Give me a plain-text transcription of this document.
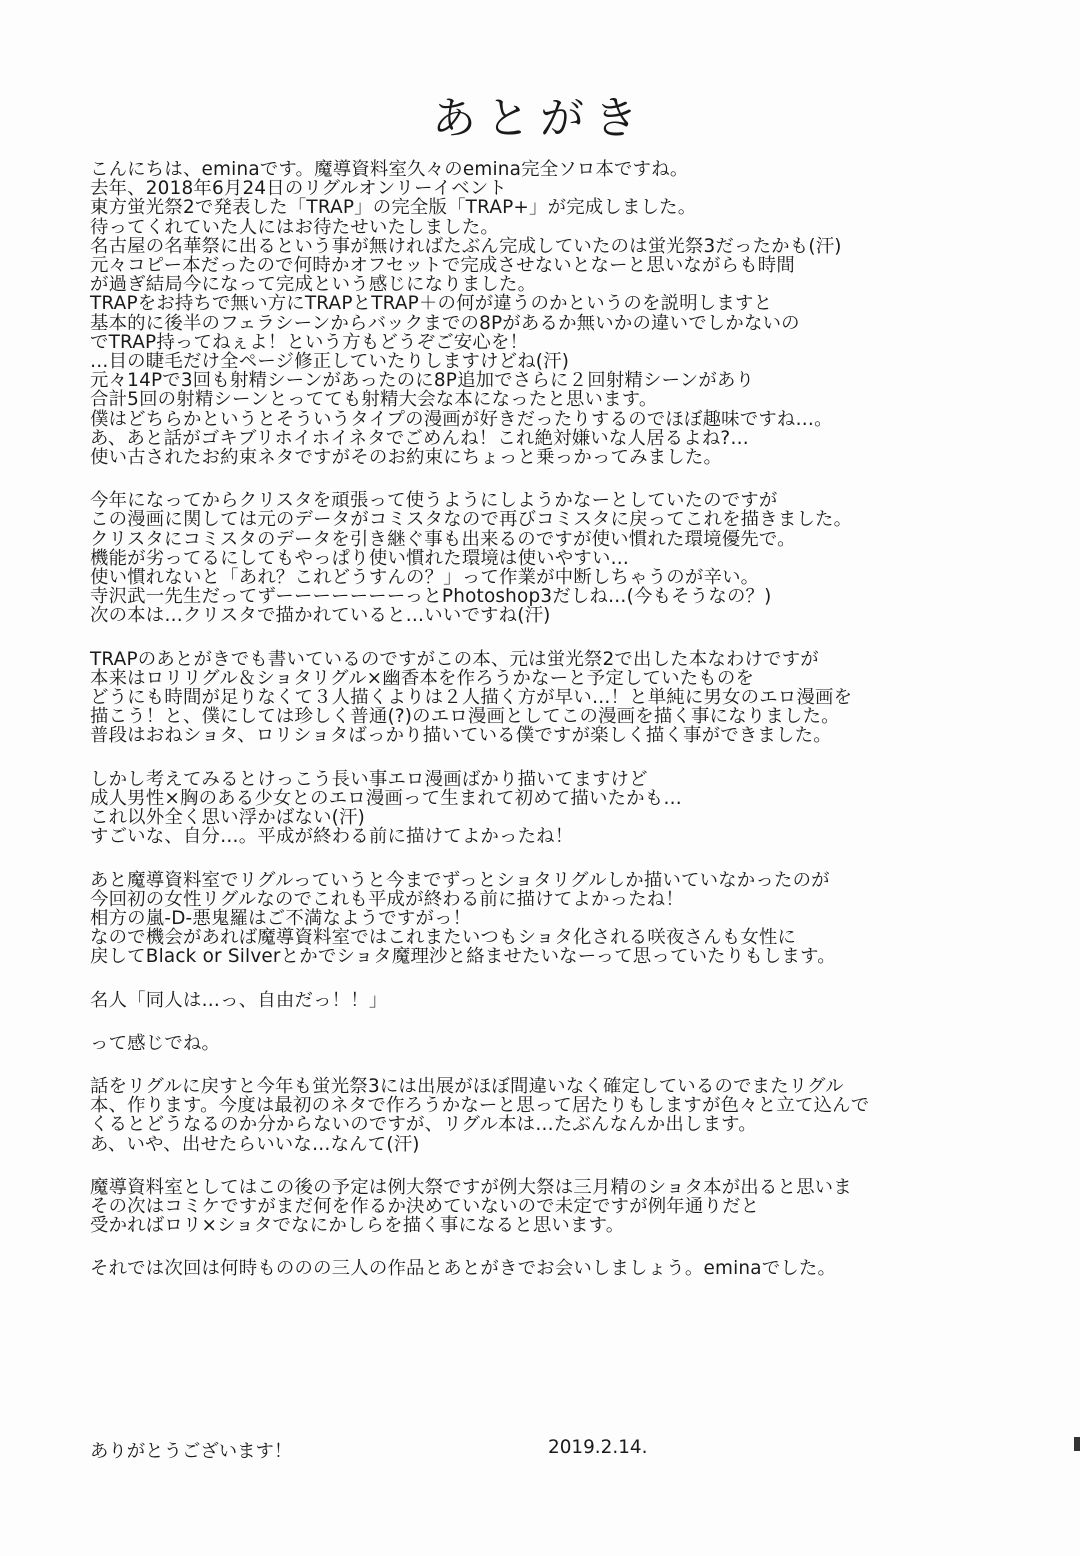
あとがき
こんにちは、eminaです。魔導資料室久々のemina完全ソロ本ですね。
去年、2018年6月24日のリグルオンリーイベント
東方蛍光祭2で発表した「TRAP」の完全版「TRAP+」が完成しました。
待ってくれていた人にはお待たせいたしました。
名古屋の名華祭に出るという事が無ければたぶん完成していたのは蛍光祭3だったかも(汗)
元々コピー本だったので何時かオフセットで完成させないとなーと思いながらも時間
が過ぎ結局今になって完成という感じになりました。
TRAPをお持ちで無い方にTRAPとTRAP＋の何が違うのかというのを説明しますと
基本的に後半のフェラシーンからバックまでの8Pがあるか無いかの違いでしかないの
でTRAP持ってねぇよ！という方もどうぞご安心を！
…目の睫毛だけ全ページ修正していたりしますけどね(汗)
元々14Pで3回も射精シーンがあったのに8P追加でさらに２回射精シーンがあり
合計5回の射精シーンとってても射精大会な本になったと思います。
僕はどちらかというとそういうタイプの漫画が好きだったりするのでほぼ趣味ですね…。
あ、あと話がゴキブリホイホイネタでごめんね！これ絶対嫌いな人居るよね?…
使い古されたお約束ネタですがそのお約束にちょっと乗っかってみました。
今年になってからクリスタを頑張って使うようにしようかなーとしていたのですが
この漫画に関しては元のデータがコミスタなので再びコミスタに戻ってこれを描きました。
クリスタにコミスタのデータを引き継ぐ事も出来るのですが使い慣れた環境優先で。
機能が劣ってるにしてもやっぱり使い慣れた環境は使いやすい…
使い慣れないと「あれ？これどうすんの？」って作業が中断しちゃうのが辛い。
寺沢武一先生だってずーーーーーーーっとPhotoshop3だしね…(今もそうなの？)
次の本は…クリスタで描かれていると…いいですね(汗)
TRAPのあとがきでも書いているのですがこの本、元は蛍光祭2で出した本なわけですが
本来はロリリグル＆ショタリグル×幽香本を作ろうかなーと予定していたものを
どうにも時間が足りなくて３人描くよりは２人描く方が早い…！と単純に男女のエロ漫画を
描こう！と、僕にしては珍しく普通(?)のエロ漫画としてこの漫画を描く事になりました。
普段はおねショタ、ロリショタばっかり描いている僕ですが楽しく描く事ができました。
しかし考えてみるとけっこう長い事エロ漫画ばかり描いてますけど
成人男性×胸のある少女とのエロ漫画って生まれて初めて描いたかも…
これ以外全く思い浮かばない(汗)
すごいな、自分…。平成が終わる前に描けてよかったね！
あと魔導資料室でリグルっていうと今までずっとショタリグルしか描いていなかったのが
今回初の女性リグルなのでこれも平成が終わる前に描けてよかったね！
相方の嵐-D-悪鬼羅はご不満なようですがっ！
なので機会があれば魔導資料室ではこれまたいつもショタ化される咲夜さんも女性に
戻してBlack or Silverとかでショタ魔理沙と絡ませたいなーって思っていたりもします。
名人「同人は…っ、自由だっ！！」
って感じでね。
話をリグルに戻すと今年も蛍光祭3には出展がほぼ間違いなく確定しているのでまたリグル
本、作ります。今度は最初のネタで作ろうかなーと思って居たりもしますが色々と立て込んで
くるとどうなるのか分からないのですが、リグル本は…たぶんなんか出します。
あ、いや、出せたらいいな…なんて(汗)
魔導資料室としてはこの後の予定は例大祭ですが例大祭は三月精のショタ本が出ると思いま
その次はコミケですがまだ何を作るか決めていないので未定ですが例年通りだと
受かればロリ×ショタでなにかしらを描く事になると思います。
それでは次回は何時もののの三人の作品とあとがきでお会いしましょう。eminaでした。
ありがとうございます！	2019.2.14.
